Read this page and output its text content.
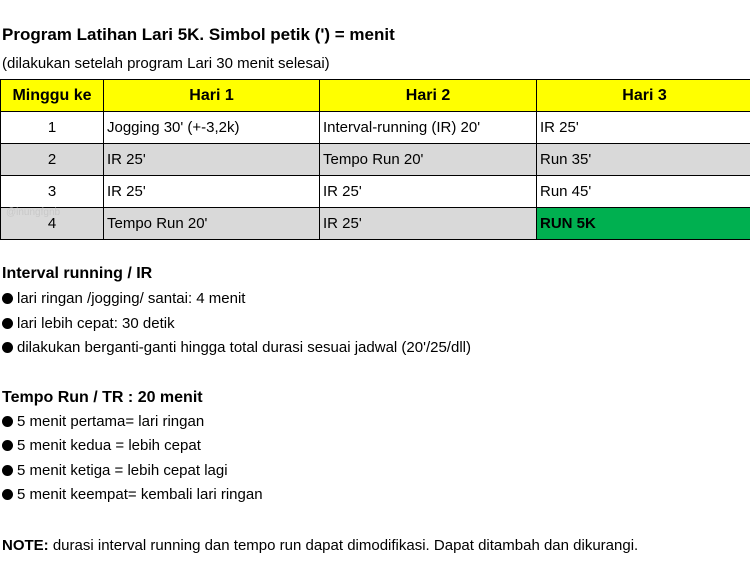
Program Latihan Lari 5K. Simbol petik (') = menit
(dilakukan setelah program Lari 30 menit selesai)
Minggu ke	Hari 1	Hari 2	Hari 3
1	Jogging 30' (+-3,2k)	Interval-running (IR) 20'	IR 25'
2	IR 25'	Tempo Run 20'	Run 35'
3	IR 25'	IR 25'	Run 45'
4	Tempo Run 20'	IR 25'	RUN 5K
@inungfgnb
Interval running / IR
lari ringan /jogging/ santai: 4 menit
lari lebih cepat: 30 detik
dilakukan berganti-ganti hingga total durasi sesuai jadwal (20'/25/dll)
Tempo Run / TR : 20 menit
5 menit pertama= lari ringan
5 menit kedua = lebih cepat
5 menit ketiga = lebih cepat lagi
5 menit keempat= kembali lari ringan
NOTE: durasi interval running dan tempo run dapat dimodifikasi. Dapat ditambah dan dikurangi.
